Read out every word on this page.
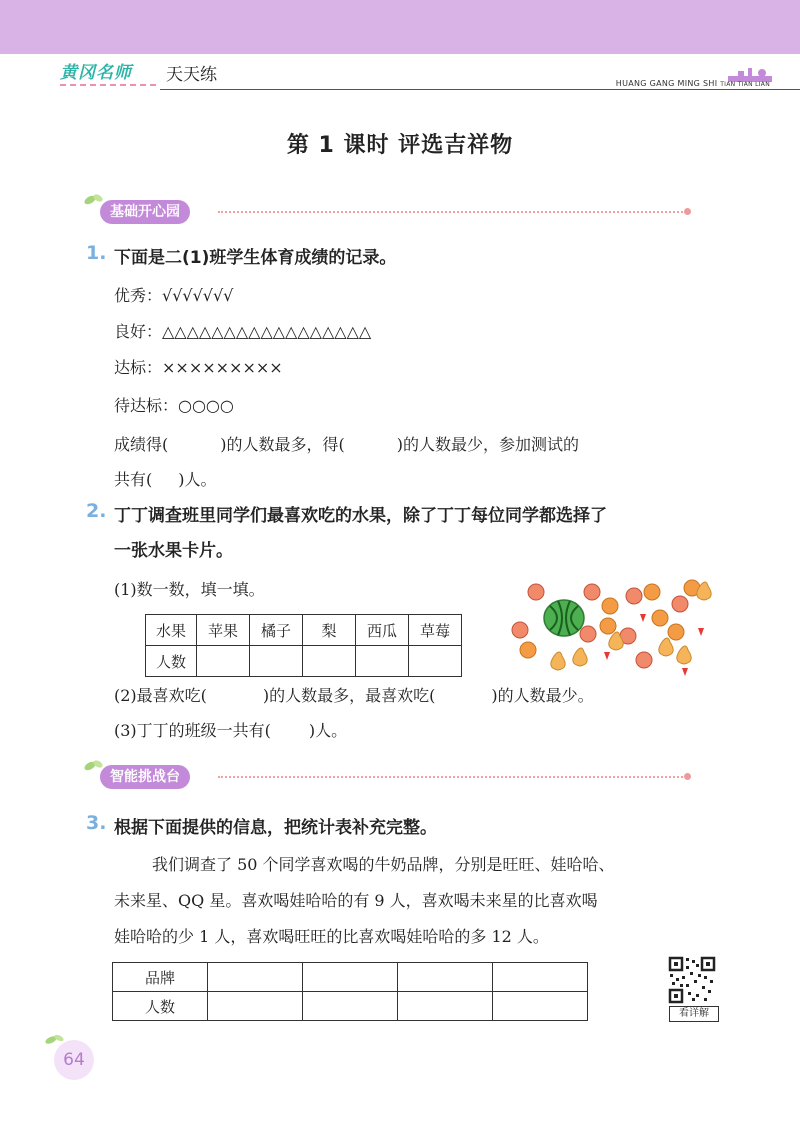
黄冈名师 天天练	HUANG GANG MING SHI TIAN TIAN LIAN
第 1 课时 评选吉祥物
基础开心园
1. 下面是二(1)班学生体育成绩的记录。
优秀：√√√√√√√
良好：△△△△△△△△△△△△△△△△△
达标：×××××××××
待达标：○○○○
成绩得(	)的人数最多，得(	)的人数最少，参加测试的
共有( )人。
2. 丁丁调查班里同学们最喜欢吃的水果，除了丁丁每位同学都选择了
一张水果卡片。
(1)数一数，填一填。
水果	苹果	橘子	梨	西瓜	草莓
人数					
(2)最喜欢吃(	)的人数最多，最喜欢吃(	)的人数最少。
(3)丁丁的班级一共有( )人。
智能挑战台
3. 根据下面提供的信息，把统计表补充完整。
我们调查了 50 个同学喜欢喝的牛奶品牌，分别是旺旺、娃哈哈、
未来星、QQ 星。喜欢喝娃哈哈的有 9 人，喜欢喝未来星的比喜欢喝
娃哈哈的少 1 人，喜欢喝旺旺的比喜欢喝娃哈哈的多 12 人。
品牌				
人数					看详解
64
